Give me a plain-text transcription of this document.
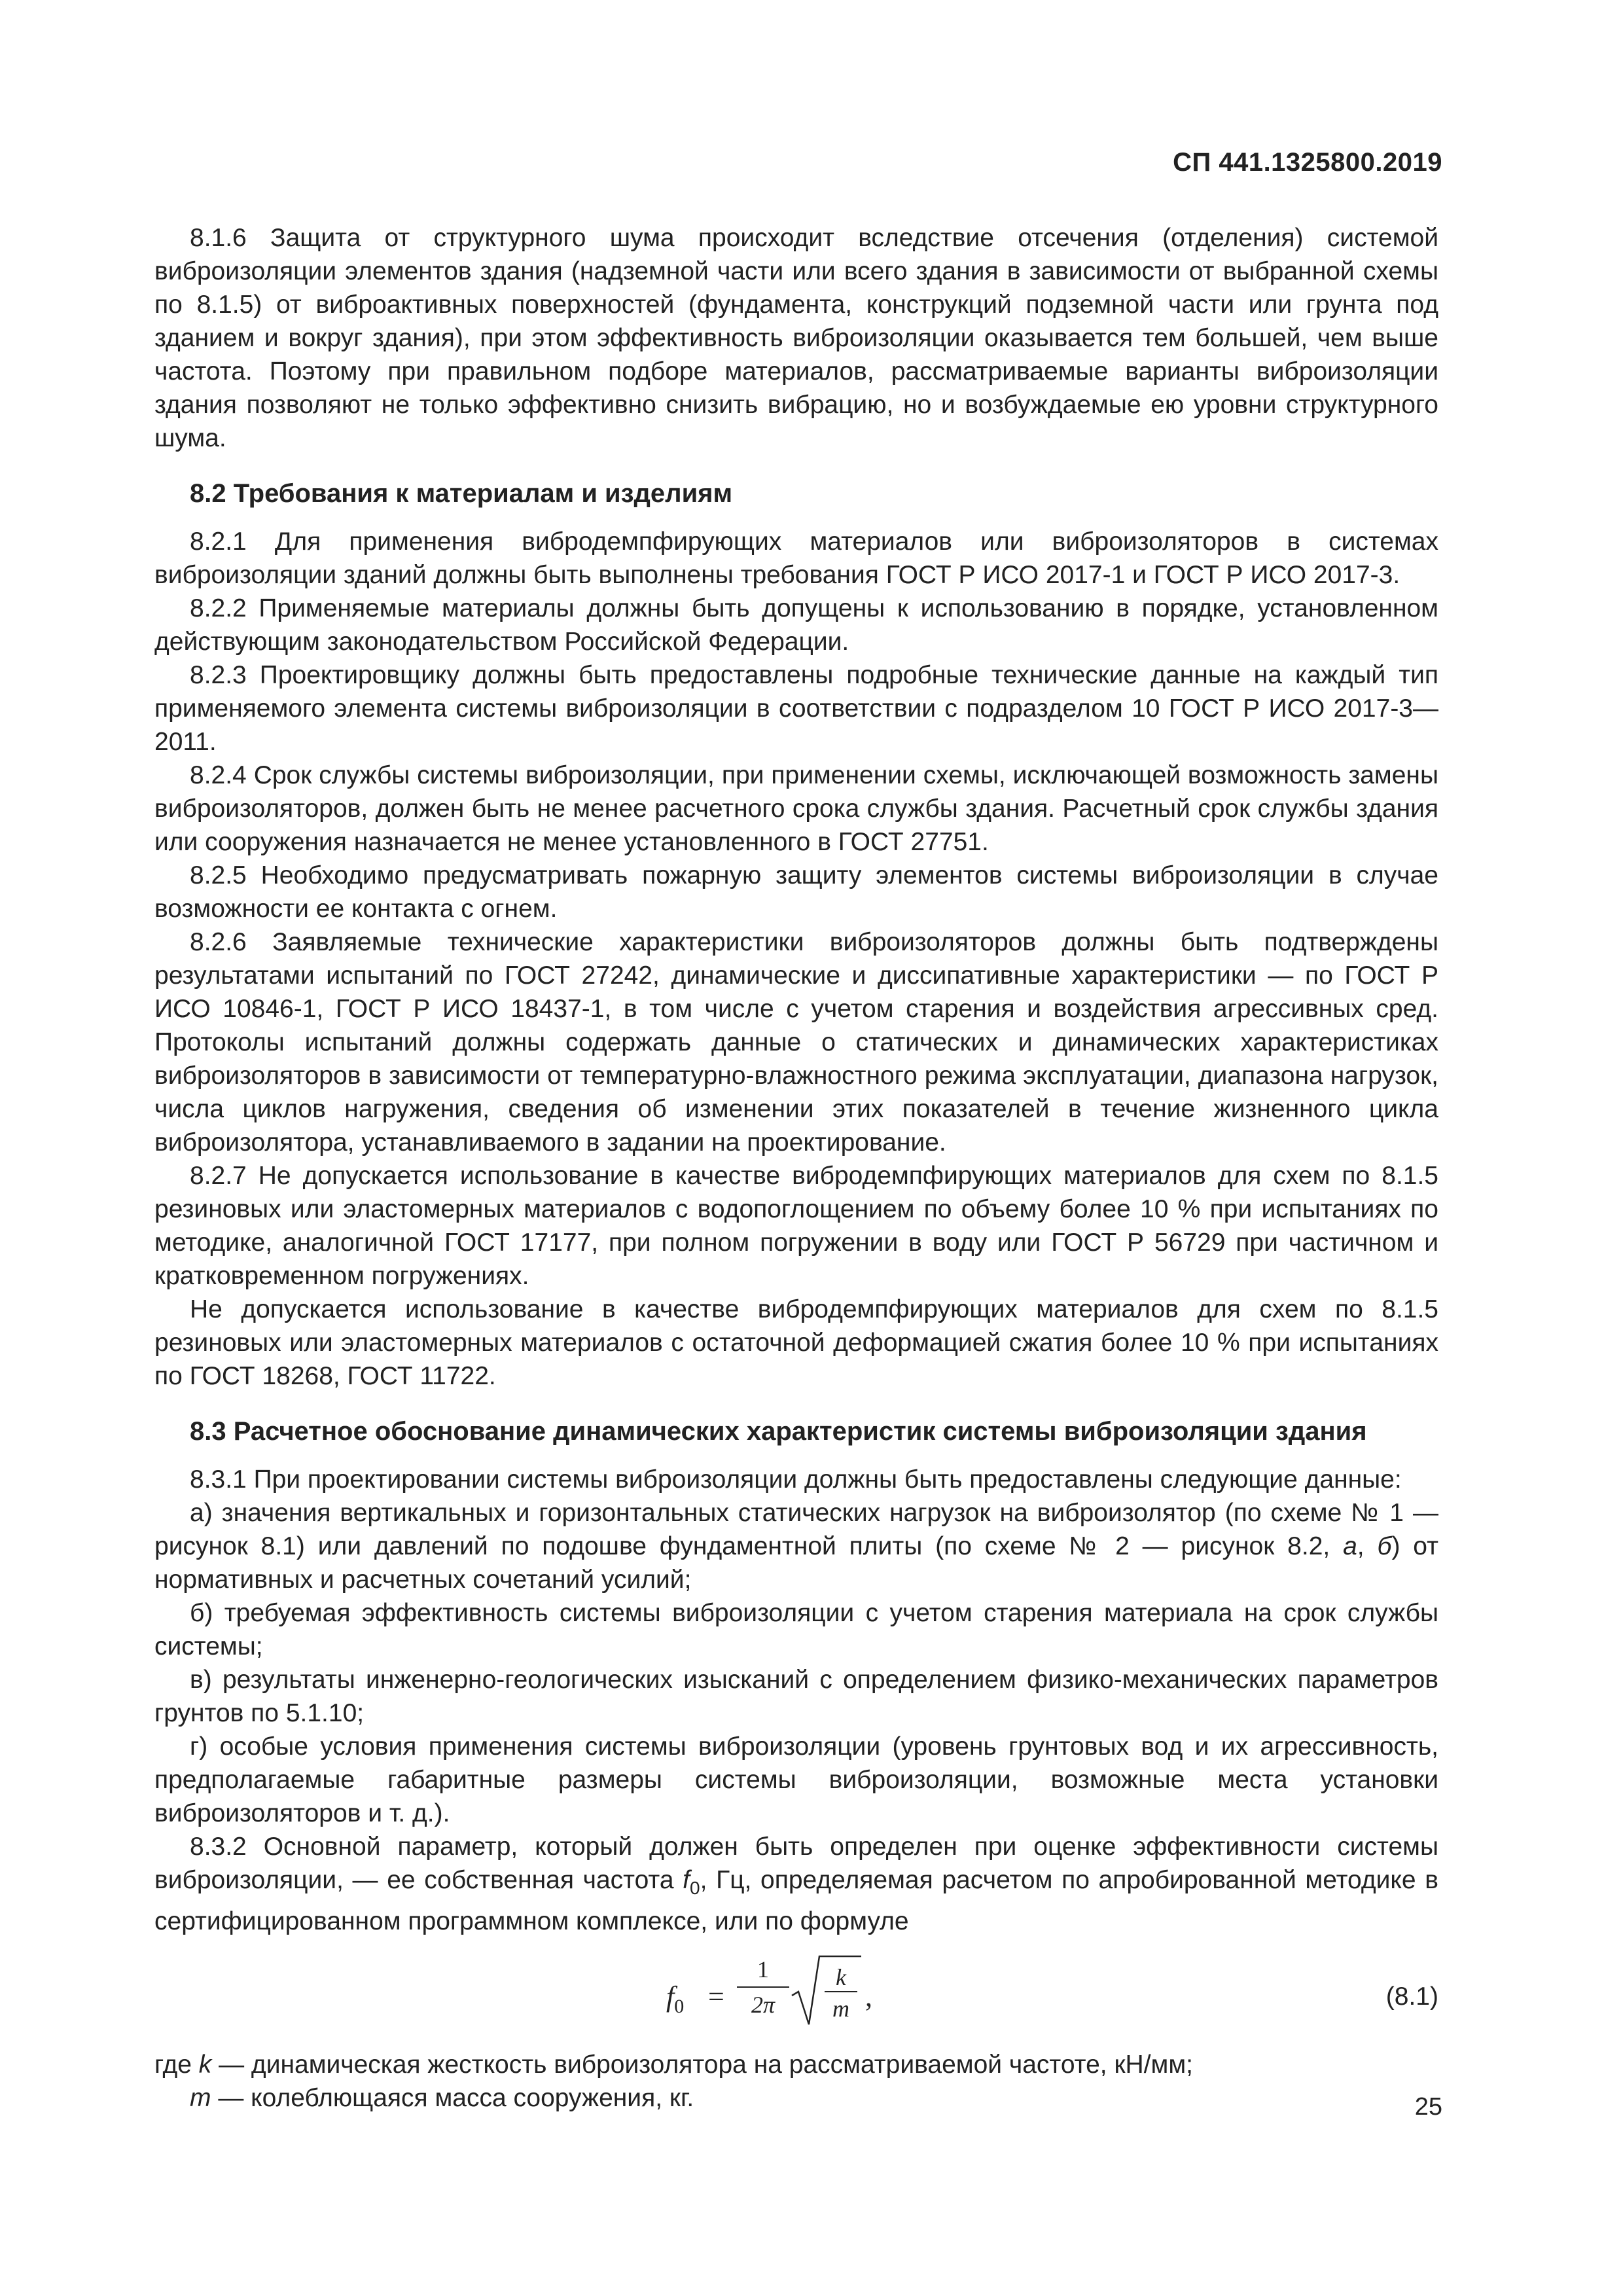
СП 441.1325800.2019

8.1.6 Защита от структурного шума происходит вследствие отсечения (отделения) системой виброизоляции элементов здания (надземной части или всего здания в зависимости от выбранной схемы по 8.1.5) от виброактивных поверхностей (фундамента, конструкций подземной части или грунта под зданием и вокруг здания), при этом эффективность виброизоляции оказывается тем большей, чем выше частота. Поэтому при правильном подборе материалов, рассматриваемые варианты виброизоляции здания позволяют не только эффективно снизить вибрацию, но и возбуждаемые ею уровни структурного шума.

8.2 Требования к материалам и изделиям

8.2.1 Для применения вибродемпфирующих материалов или виброизоляторов в системах виброизоляции зданий должны быть выполнены требования ГОСТ Р ИСО 2017-1 и ГОСТ Р ИСО 2017-3.

8.2.2 Применяемые материалы должны быть допущены к использованию в порядке, установленном действующим законодательством Российской Федерации.

8.2.3 Проектировщику должны быть предоставлены подробные технические данные на каждый тип применяемого элемента системы виброизоляции в соответствии с подразделом 10 ГОСТ Р ИСО 2017-3—2011.

8.2.4 Срок службы системы виброизоляции, при применении схемы, исключающей возможность замены виброизоляторов, должен быть не менее расчетного срока службы здания. Расчетный срок службы здания или сооружения назначается не менее установленного в ГОСТ 27751.

8.2.5 Необходимо предусматривать пожарную защиту элементов системы виброизоляции в случае возможности ее контакта с огнем.

8.2.6 Заявляемые технические характеристики виброизоляторов должны быть подтверждены результатами испытаний по ГОСТ 27242, динамические и диссипативные характеристики — по ГОСТ Р ИСО 10846-1, ГОСТ Р ИСО 18437-1, в том числе с учетом старения и воздействия агрессивных сред. Протоколы испытаний должны содержать данные о статических и динамических характеристиках виброизоляторов в зависимости от температурно-влажностного режима эксплуатации, диапазона нагрузок, числа циклов нагружения, сведения об изменении этих показателей в течение жизненного цикла виброизолятора, устанавливаемого в задании на проектирование.

8.2.7 Не допускается использование в качестве вибродемпфирующих материалов для схем по 8.1.5 резиновых или эластомерных материалов с водопоглощением по объему более 10 % при испытаниях по методике, аналогичной ГОСТ 17177, при полном погружении в воду или ГОСТ Р 56729 при частичном и кратковременном погружениях.

Не допускается использование в качестве вибродемпфирующих материалов для схем по 8.1.5 резиновых или эластомерных материалов с остаточной деформацией сжатия более 10 % при испытаниях по ГОСТ 18268, ГОСТ 11722.

8.3 Расчетное обоснование динамических характеристик системы виброизоляции здания

8.3.1 При проектировании системы виброизоляции должны быть предоставлены следующие данные:

а) значения вертикальных и горизонтальных статических нагрузок на виброизолятор (по схеме № 1 — рисунок 8.1) или давлений по подошве фундаментной плиты (по схеме № 2 — рисунок 8.2, а, б) от нормативных и расчетных сочетаний усилий;

б) требуемая эффективность системы виброизоляции с учетом старения материала на срок службы системы;

в) результаты инженерно-геологических изысканий с определением физико-механических параметров грунтов по 5.1.10;

г) особые условия применения системы виброизоляции (уровень грунтовых вод и их агрессивность, предполагаемые габаритные размеры системы виброизоляции, возможные места установки виброизоляторов и т. д.).

8.3.2 Основной параметр, который должен быть определен при оценке эффективности системы виброизоляции, — ее собственная частота $f_0$, Гц, определяемая расчетом по апробированной методике в сертифицированном программном комплексе, или по формуле

$f_0$ =
1
2π
k
m ,	(8.1)

где k — динамическая жесткость виброизолятора на рассматриваемой частоте, кН/мм;

m — колеблющаяся масса сооружения, кг.	25
